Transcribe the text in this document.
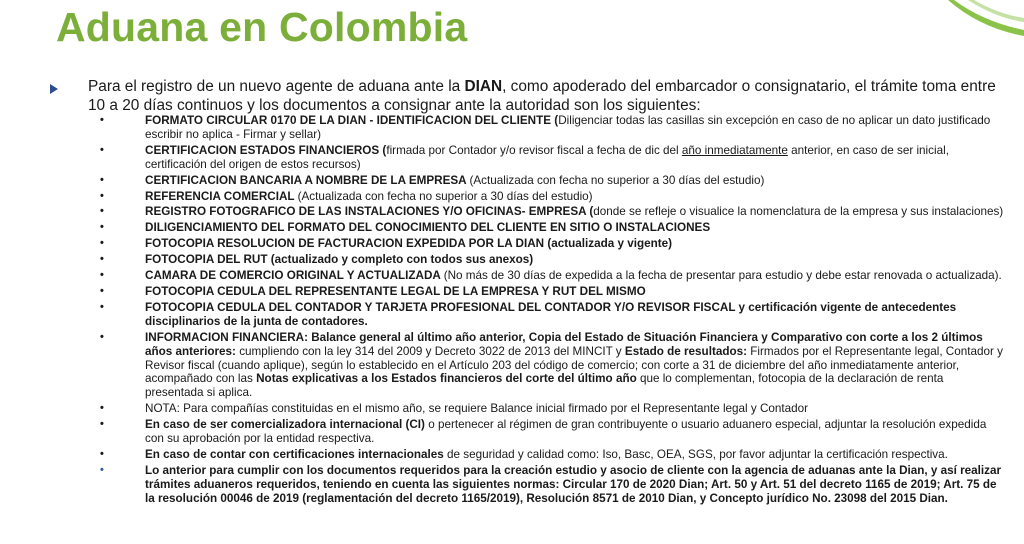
Aduana en Colombia
Para el registro de un nuevo agente de aduana ante la DIAN, como apoderado del embarcador o consignatario, el trámite toma entre 10 a 20 días continuos y los documentos a consignar ante la autoridad son los siguientes:
•	FORMATO CIRCULAR 0170 DE LA DIAN - IDENTIFICACION DEL CLIENTE (Diligenciar todas las casillas sin excepción en caso de no aplicar un dato justificado escribir no aplica - Firmar y sellar)
•	CERTIFICACION ESTADOS FINANCIEROS (firmada por Contador y/o revisor fiscal a fecha de dic del año inmediatamente anterior, en caso de ser inicial, certificación del origen de estos recursos)
•	CERTIFICACION BANCARIA A NOMBRE DE LA EMPRESA (Actualizada con fecha no superior a 30 días del estudio)
•	REFERENCIA COMERCIAL (Actualizada con fecha no superior a 30 días del estudio)
•	REGISTRO FOTOGRAFICO DE LAS INSTALACIONES Y/O OFICINAS- EMPRESA (donde se refleje o visualice la nomenclatura de la empresa y sus instalaciones)
•	DILIGENCIAMIENTO DEL FORMATO DEL CONOCIMIENTO DEL CLIENTE EN SITIO O INSTALACIONES
•	FOTOCOPIA RESOLUCION DE FACTURACION EXPEDIDA POR LA DIAN (actualizada y vigente)
•	FOTOCOPIA DEL RUT (actualizado y completo con todos sus anexos)
•	CAMARA DE COMERCIO ORIGINAL Y ACTUALIZADA (No más de 30 días de expedida a la fecha de presentar para estudio y debe estar renovada o actualizada).
•	FOTOCOPIA CEDULA DEL REPRESENTANTE LEGAL DE LA EMPRESA Y RUT DEL MISMO
•	FOTOCOPIA CEDULA DEL CONTADOR Y TARJETA PROFESIONAL DEL CONTADOR Y/O REVISOR FISCAL y certificación vigente de antecedentes disciplinarios de la junta de contadores.
•	INFORMACION FINANCIERA: Balance general al último año anterior, Copia del Estado de Situación Financiera y Comparativo con corte a los 2 últimos años anteriores: cumpliendo con la ley 314 del 2009 y Decreto 3022 de 2013 del MINCIT y Estado de resultados: Firmados por el Representante legal, Contador y Revisor fiscal (cuando aplique), según lo establecido en el Artículo 203 del código de comercio; con corte a 31 de diciembre del año inmediatamente anterior, acompañado con las Notas explicativas a los Estados financieros del corte del último año que lo complementan, fotocopia de la declaración de renta presentada si aplica.
•	NOTA: Para compañías constituidas en el mismo año, se requiere Balance inicial firmado por el Representante legal y Contador
•	En caso de ser comercializadora internacional (CI) o pertenecer al régimen de gran contribuyente o usuario aduanero especial, adjuntar la resolución expedida con su aprobación por la entidad respectiva.
•	En caso de contar con certificaciones internacionales de seguridad y calidad como: Iso, Basc, OEA, SGS, por favor adjuntar la certificación respectiva.
•	Lo anterior para cumplir con los documentos requeridos para la creación estudio y asocio de cliente con la agencia de aduanas ante la Dian, y así realizar trámites aduaneros requeridos, teniendo en cuenta las siguientes normas: Circular 170 de 2020 Dian; Art. 50 y Art. 51 del decreto 1165 de 2019; Art. 75 de la resolución 00046 de 2019 (reglamentación del decreto 1165/2019), Resolución 8571 de 2010 Dian, y Concepto jurídico No. 23098 del 2015 Dian.
